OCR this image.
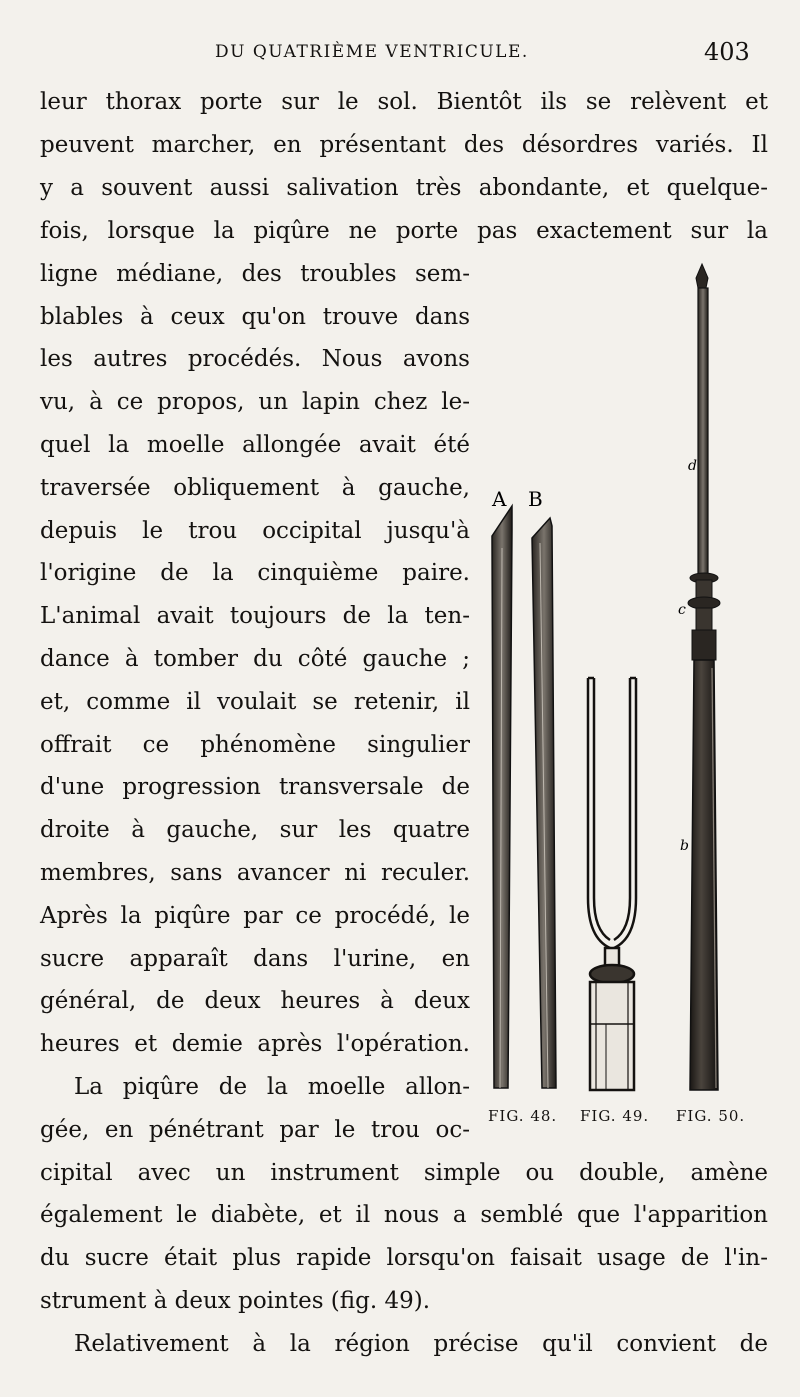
DU QUATRIÈME VENTRICULE.	403
leur thorax porte sur le sol. Bientôt ils se relèvent et
peuvent marcher, en présentant des désordres variés. Il
y a souvent aussi salivation très abondante, et quelque-
fois, lorsque la piqûre ne porte pas exactement sur la
ligne médiane, des troubles sem-
blables à ceux qu'on trouve dans
les autres procédés. Nous avons
vu, à ce propos, un lapin chez le-
quel la moelle allongée avait été
traversée obliquement à gauche,
depuis le trou occipital jusqu'à
l'origine de la cinquième paire.
L'animal avait toujours de la ten-
dance à tomber du côté gauche ;
et, comme il voulait se retenir, il
offrait ce phénomène singulier
d'une progression transversale de
droite à gauche, sur les quatre
membres, sans avancer ni reculer.
Après la piqûre par ce procédé, le
sucre apparaît dans l'urine, en
général, de deux heures à deux
heures et demie après l'opération.
La piqûre de la moelle allon-
gée, en pénétrant par le trou oc-
cipital avec un instrument simple ou double, amène
également le diabète, et il nous a semblé que l'apparition
du sucre était plus rapide lorsqu'on faisait usage de l'in-
strument à deux pointes (fig. 49).
Relativement à la région précise qu'il convient de
A B
d
c
b
FIG. 48. FIG. 49. FIG. 50.
